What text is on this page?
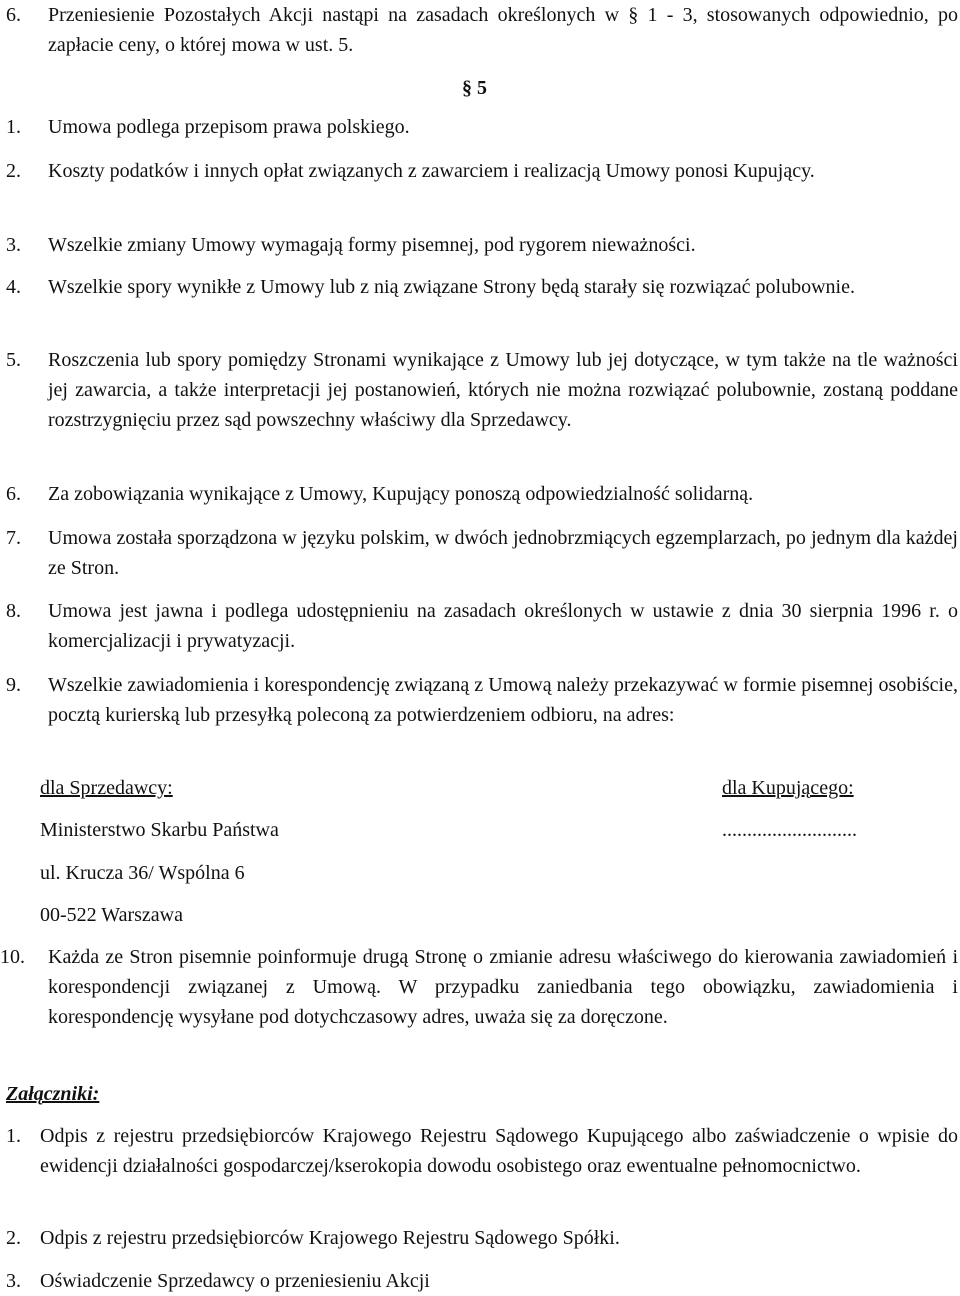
6. Przeniesienie Pozostałych Akcji nastąpi na zasadach określonych w § 1 - 3, stosowanych odpowiednio, po zapłacie ceny, o której mowa w ust. 5.
§ 5
1. Umowa podlega przepisom prawa polskiego.
2. Koszty podatków i innych opłat związanych z zawarciem i realizacją Umowy ponosi Kupujący.
3. Wszelkie zmiany Umowy wymagają formy pisemnej, pod rygorem nieważności.
4. Wszelkie spory wynikłe z Umowy lub z nią związane Strony będą starały się rozwiązać polubownie.
5. Roszczenia lub spory pomiędzy Stronami wynikające z Umowy lub jej dotyczące, w tym także na tle ważności jej zawarcia, a także interpretacji jej postanowień, których nie można rozwiązać polubownie, zostaną poddane rozstrzygnięciu przez sąd powszechny właściwy dla Sprzedawcy.
6. Za zobowiązania wynikające z Umowy, Kupujący ponoszą odpowiedzialność solidarną.
7. Umowa została sporządzona w języku polskim, w dwóch jednobrzmiących egzemplarzach, po jednym dla każdej ze Stron.
8. Umowa jest jawna i podlega udostępnieniu na zasadach określonych w ustawie z dnia 30 sierpnia 1996 r. o komercjalizacji i prywatyzacji.
9. Wszelkie zawiadomienia i korespondencję związaną z Umową należy przekazywać w formie pisemnej osobiście, pocztą kurierską lub przesyłką poleconą za potwierdzeniem odbioru, na adres:
dla Sprzedawcy:	dla Kupującego:
Ministerstwo Skarbu Państwa	...........................
ul. Krucza 36/ Wspólna 6
00-522 Warszawa
10. Każda ze Stron pisemnie poinformuje drugą Stronę o zmianie adresu właściwego do kierowania zawiadomień i korespondencji związanej z Umową. W przypadku zaniedbania tego obowiązku, zawiadomienia i korespondencję wysyłane pod dotychczasowy adres, uważa się za doręczone.
Załączniki:
1. Odpis z rejestru przedsiębiorców Krajowego Rejestru Sądowego Kupującego albo zaświadczenie o wpisie do ewidencji działalności gospodarczej/kserokopia dowodu osobistego oraz ewentualne pełnomocnictwo.
2. Odpis z rejestru przedsiębiorców Krajowego Rejestru Sądowego Spółki.
3. Oświadczenie Sprzedawcy o przeniesieniu Akcji
